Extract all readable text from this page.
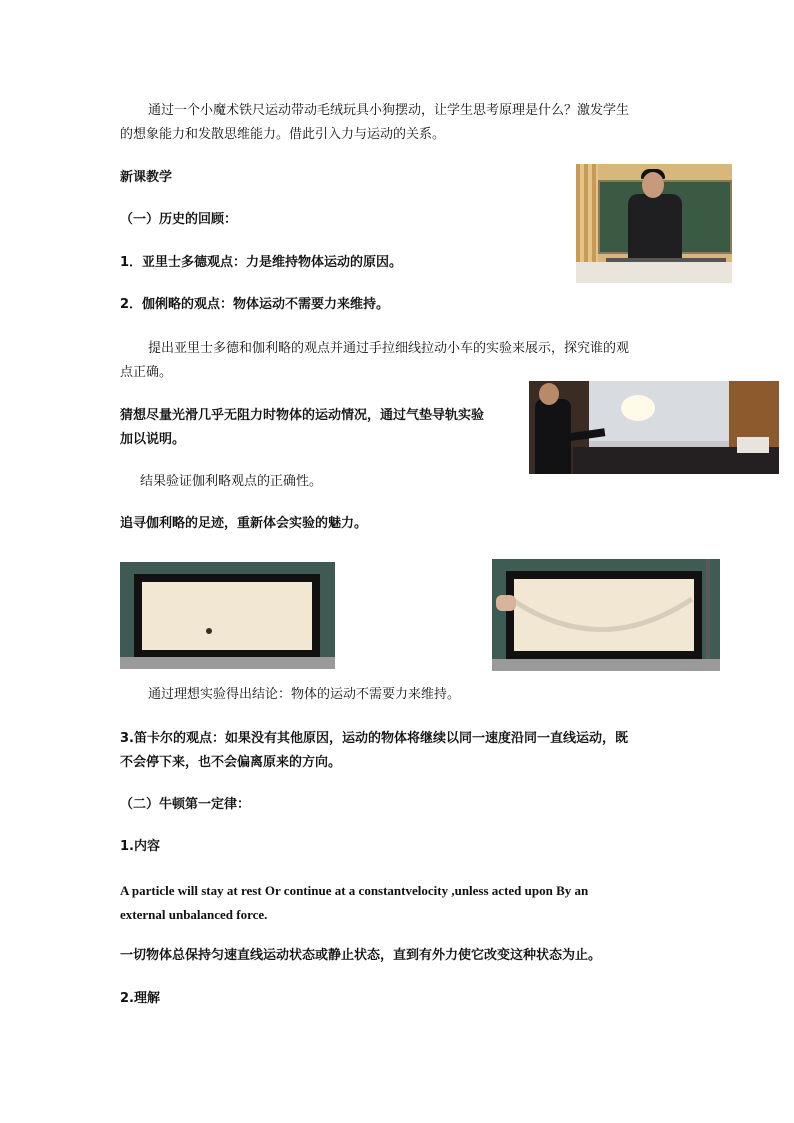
通过一个小魔术铁尺运动带动毛绒玩具小狗摆动，让学生思考原理是什么？激发学生

的想象能力和发散思维能力。借此引入力与运动的关系。

新课教学

（一）历史的回顾：

1．亚里士多德观点：力是维持物体运动的原因。

2．伽俐略的观点：物体运动不需要力来维持。

提出亚里士多德和伽利略的观点并通过手拉细线拉动小车的实验来展示，探究谁的观

点正确。

猜想尽量光滑几乎无阻力时物体的运动情况，通过气垫导轨实验

加以说明。

结果验证伽利略观点的正确性。

追寻伽利略的足迹，重新体会实验的魅力。

通过理想实验得出结论：物体的运动不需要力来维持。

3.笛卡尔的观点：如果没有其他原因，运动的物体将继续以同一速度沿同一直线运动，既

不会停下来，也不会偏离原来的方向。

（二）牛顿第一定律：

1.内容

A particle will stay at rest Or continue at a constantvelocity ,unless acted upon By an

external unbalanced force.

一切物体总保持匀速直线运动状态或静止状态，直到有外力使它改变这种状态为止。

2.理解
